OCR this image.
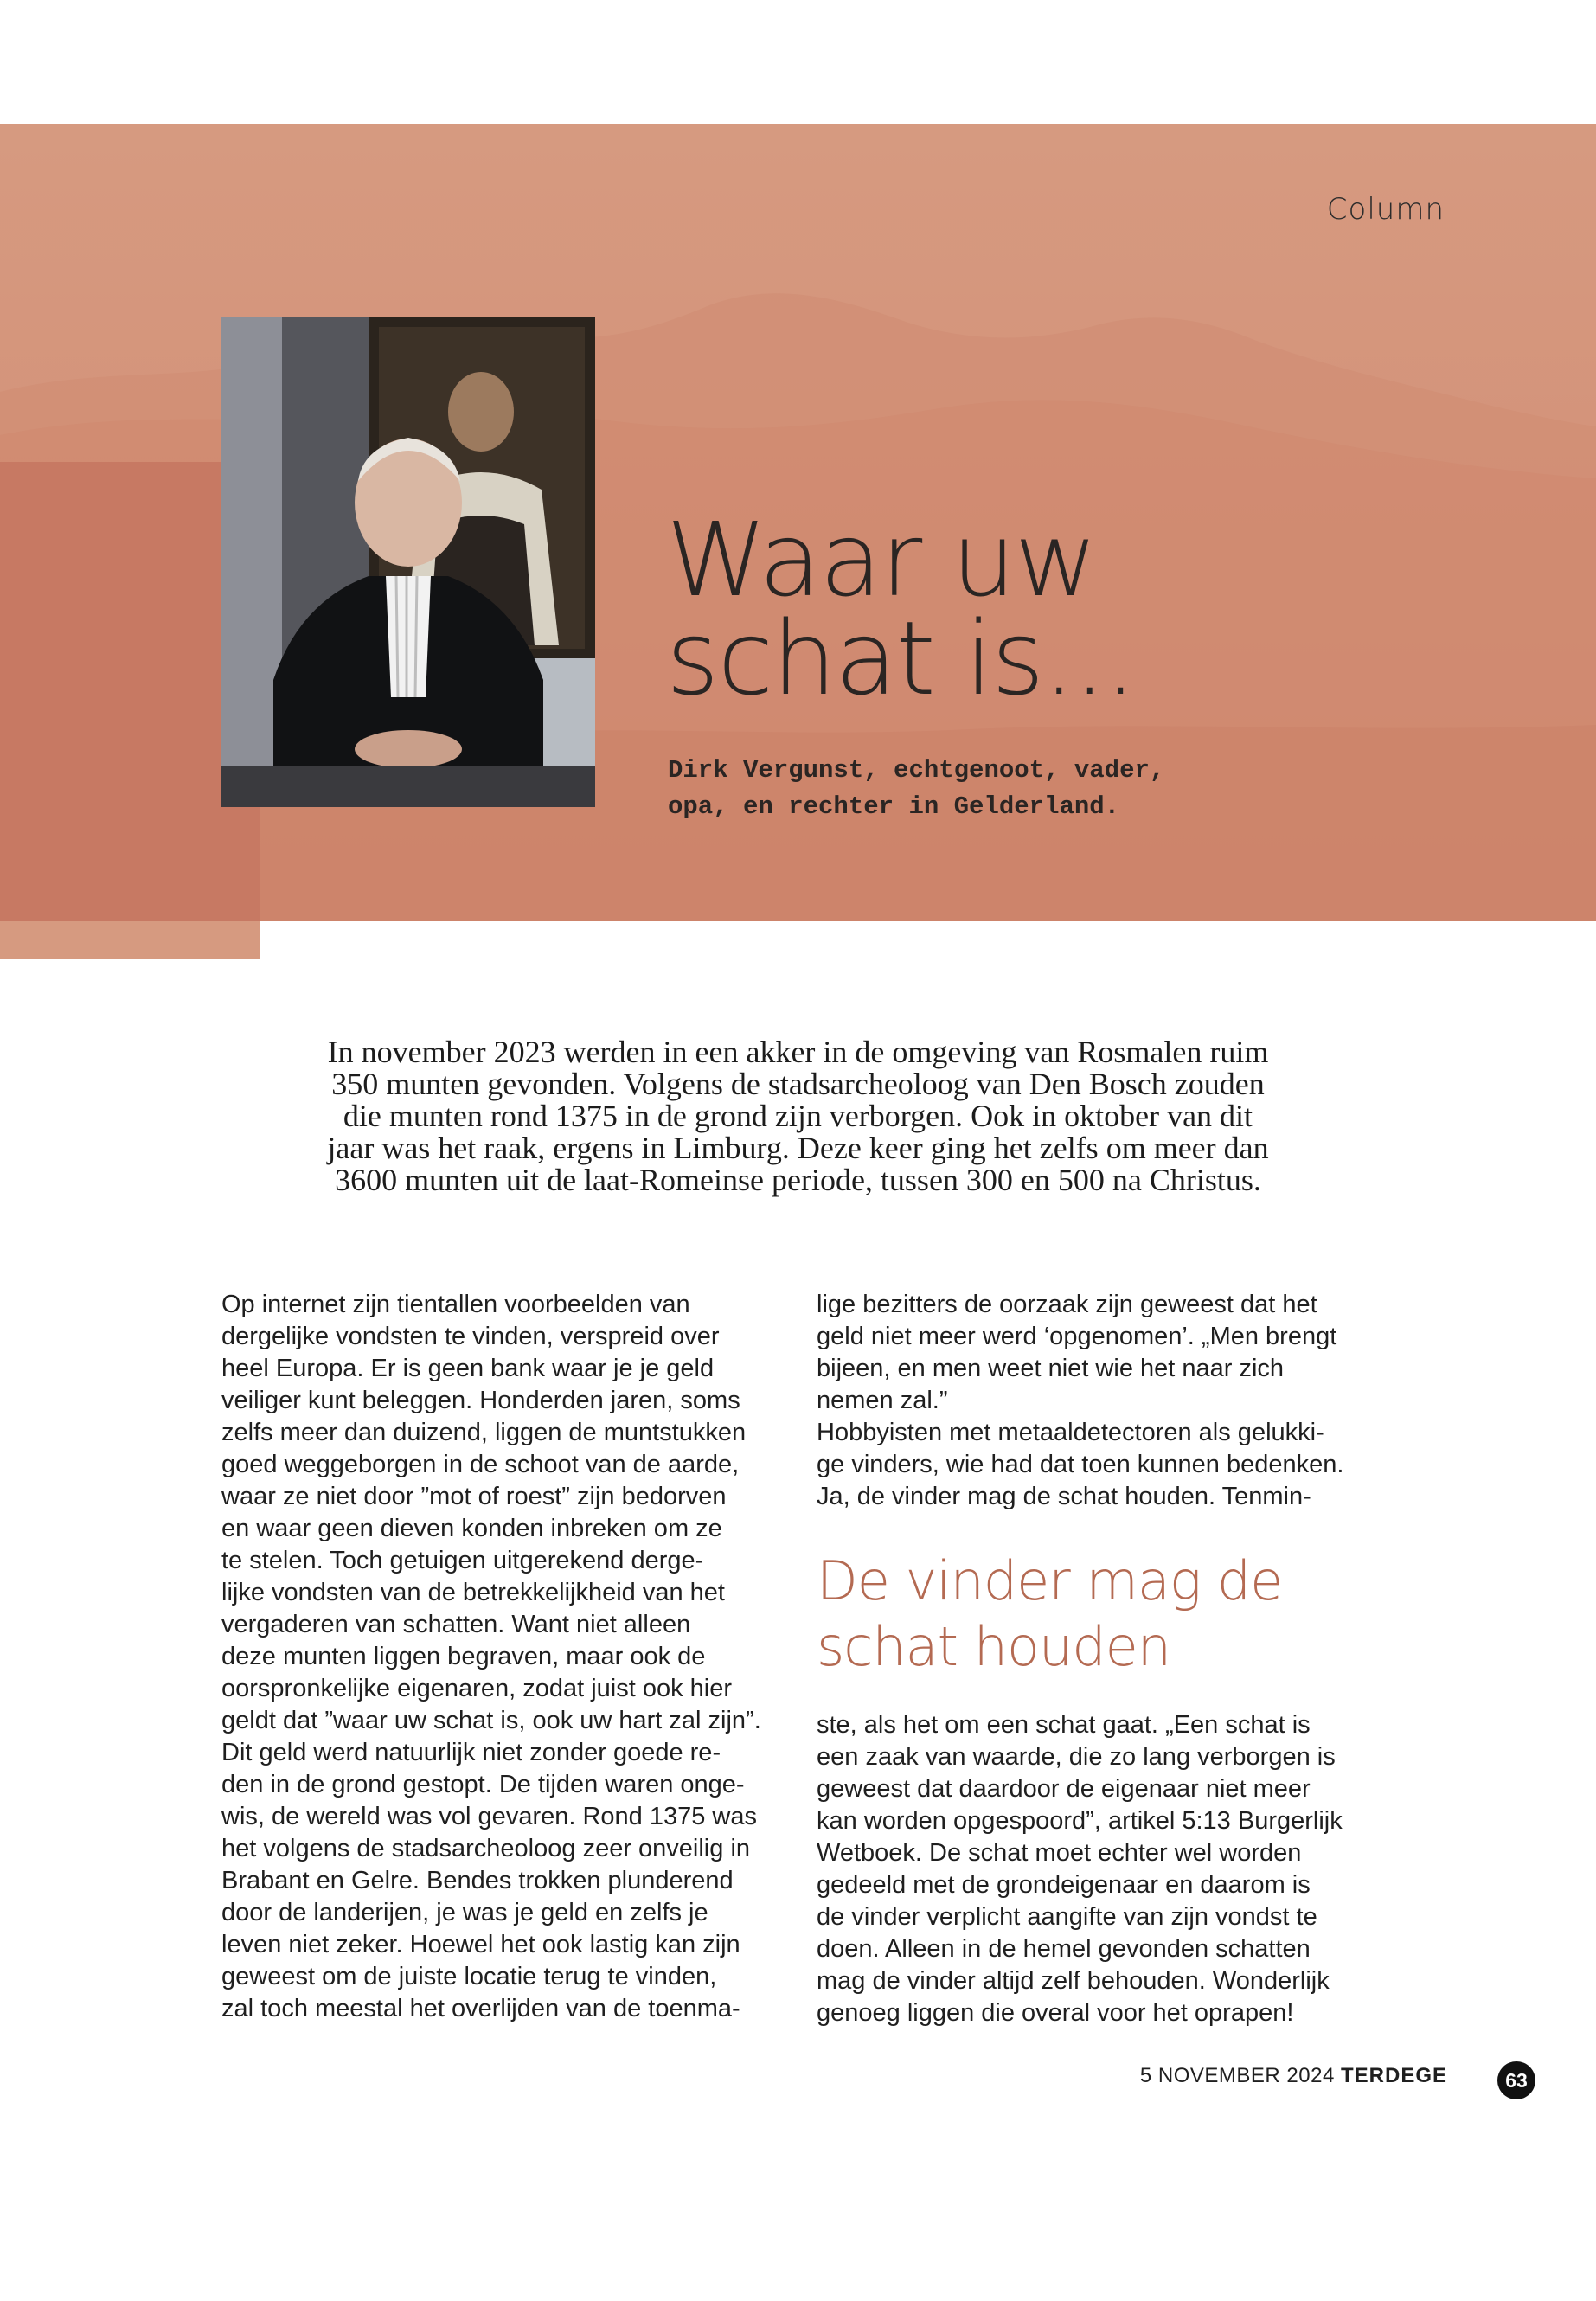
Column
Waar uw
schat is...
Dirk Vergunst, echtgenoot, vader,
opa, en rechter in Gelderland.
In november 2023 werden in een akker in de omgeving van Rosmalen ruim
350 munten gevonden. Volgens de stadsarcheoloog van Den Bosch zouden
die munten rond 1375 in de grond zijn verborgen. Ook in oktober van dit
jaar was het raak, ergens in Limburg. Deze keer ging het zelfs om meer dan
3600 munten uit de laat-Romeinse periode, tussen 300 en 500 na Christus.

Op internet zijn tientallen voorbeelden van

dergelijke vondsten te vinden, verspreid over

heel Europa. Er is geen bank waar je je geld

veiliger kunt beleggen. Honderden jaren, soms

zelfs meer dan duizend, liggen de muntstukken

goed weggeborgen in de schoot van de aarde,

waar ze niet door ”mot of roest” zijn bedorven

en waar geen dieven konden inbreken om ze

te stelen. Toch getuigen uitgerekend derge-

lijke vondsten van de betrekkelijkheid van het

vergaderen van schatten. Want niet alleen

deze munten liggen begraven, maar ook de

oorspronkelijke eigenaren, zodat juist ook hier

geldt dat ”waar uw schat is, ook uw hart zal zijn”.

Dit geld werd natuurlijk niet zonder goede re-

den in de grond gestopt. De tijden waren onge-

wis, de wereld was vol gevaren. Rond 1375 was

het volgens de stadsarcheoloog zeer onveilig in

Brabant en Gelre. Bendes trokken plunderend

door de landerijen, je was je geld en zelfs je

leven niet zeker. Hoewel het ook lastig kan zijn

geweest om de juiste locatie terug te vinden,

zal toch meestal het overlijden van de toenma-

lige bezitters de oorzaak zijn geweest dat het

geld niet meer werd ‘opgenomen’. „Men brengt

bijeen, en men weet niet wie het naar zich

nemen zal.”

Hobbyisten met metaaldetectoren als gelukki-

ge vinders, wie had dat toen kunnen bedenken.

Ja, de vinder mag de schat houden. Tenmin-

De vinder mag de
schat houden

ste, als het om een schat gaat. „Een schat is

een zaak van waarde, die zo lang verborgen is

geweest dat daardoor de eigenaar niet meer

kan worden opgespoord”, artikel 5:13 Burgerlijk

Wetboek. De schat moet echter wel worden

gedeeld met de grondeigenaar en daarom is

de vinder verplicht aangifte van zijn vondst te

doen. Alleen in de hemel gevonden schatten

mag de vinder altijd zelf behouden. Wonderlijk

genoeg liggen die overal voor het oprapen!

5 NOVEMBER 2024 TERDEGE	63
